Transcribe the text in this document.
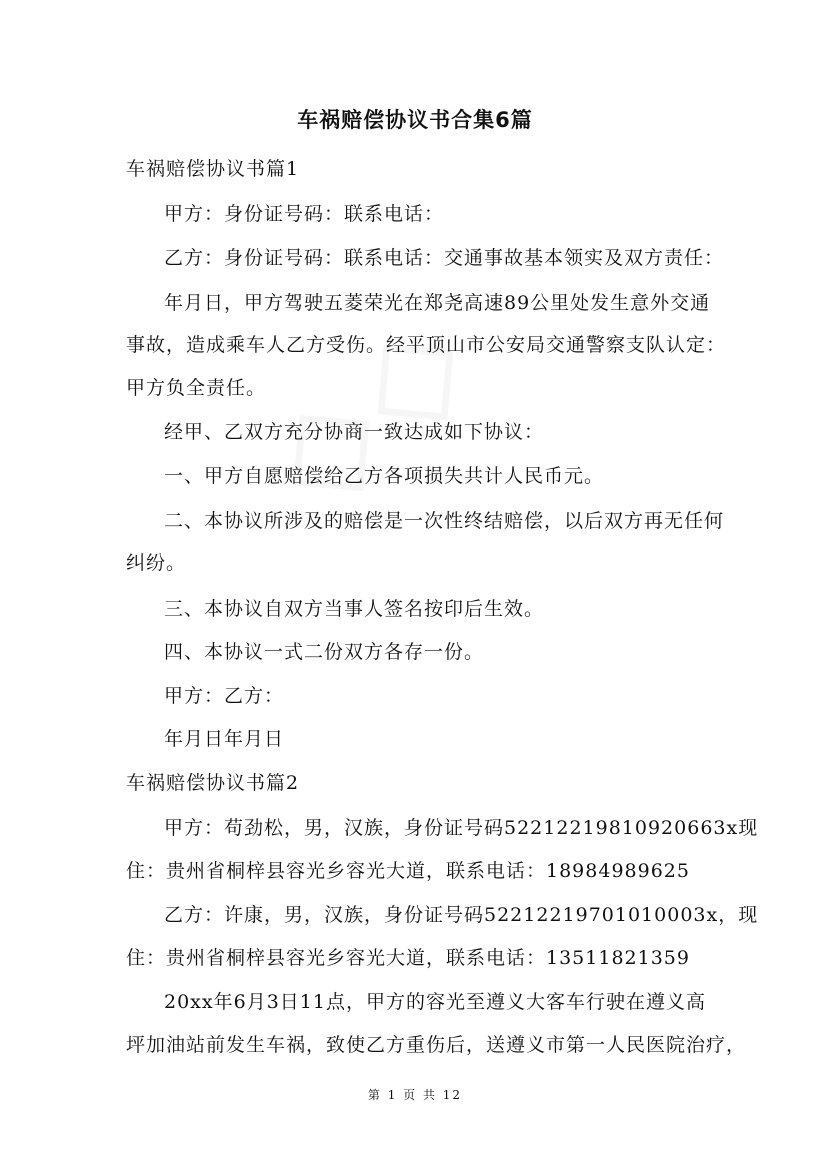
车祸赔偿协议书合集6篇
车祸赔偿协议书篇1
甲方：身份证号码：联系电话：
乙方：身份证号码：联系电话：交通事故基本领实及双方责任：
年月日，甲方驾驶五菱荣光在郑尧高速89公里处发生意外交通
事故，造成乘车人乙方受伤。经平顶山市公安局交通警察支队认定：
甲方负全责任。
经甲、乙双方充分协商一致达成如下协议：
一、甲方自愿赔偿给乙方各项损失共计人民币元。
二、本协议所涉及的赔偿是一次性终结赔偿，以后双方再无任何
纠纷。
三、本协议自双方当事人签名按印后生效。
四、本协议一式二份双方各存一份。
甲方：乙方：
年月日年月日
车祸赔偿协议书篇2
甲方：苟劲松，男，汉族，身份证号码52212219810920663x现
住：贵州省桐梓县容光乡容光大道，联系电话：18984989625
乙方：许康，男，汉族，身份证号码52212219701010003x，现
住：贵州省桐梓县容光乡容光大道，联系电话：13511821359
20xx年6月3日11点，甲方的容光至遵义大客车行驶在遵义高
坪加油站前发生车祸，致使乙方重伤后，送遵义市第一人民医院治疗，
第 1 页 共 12
